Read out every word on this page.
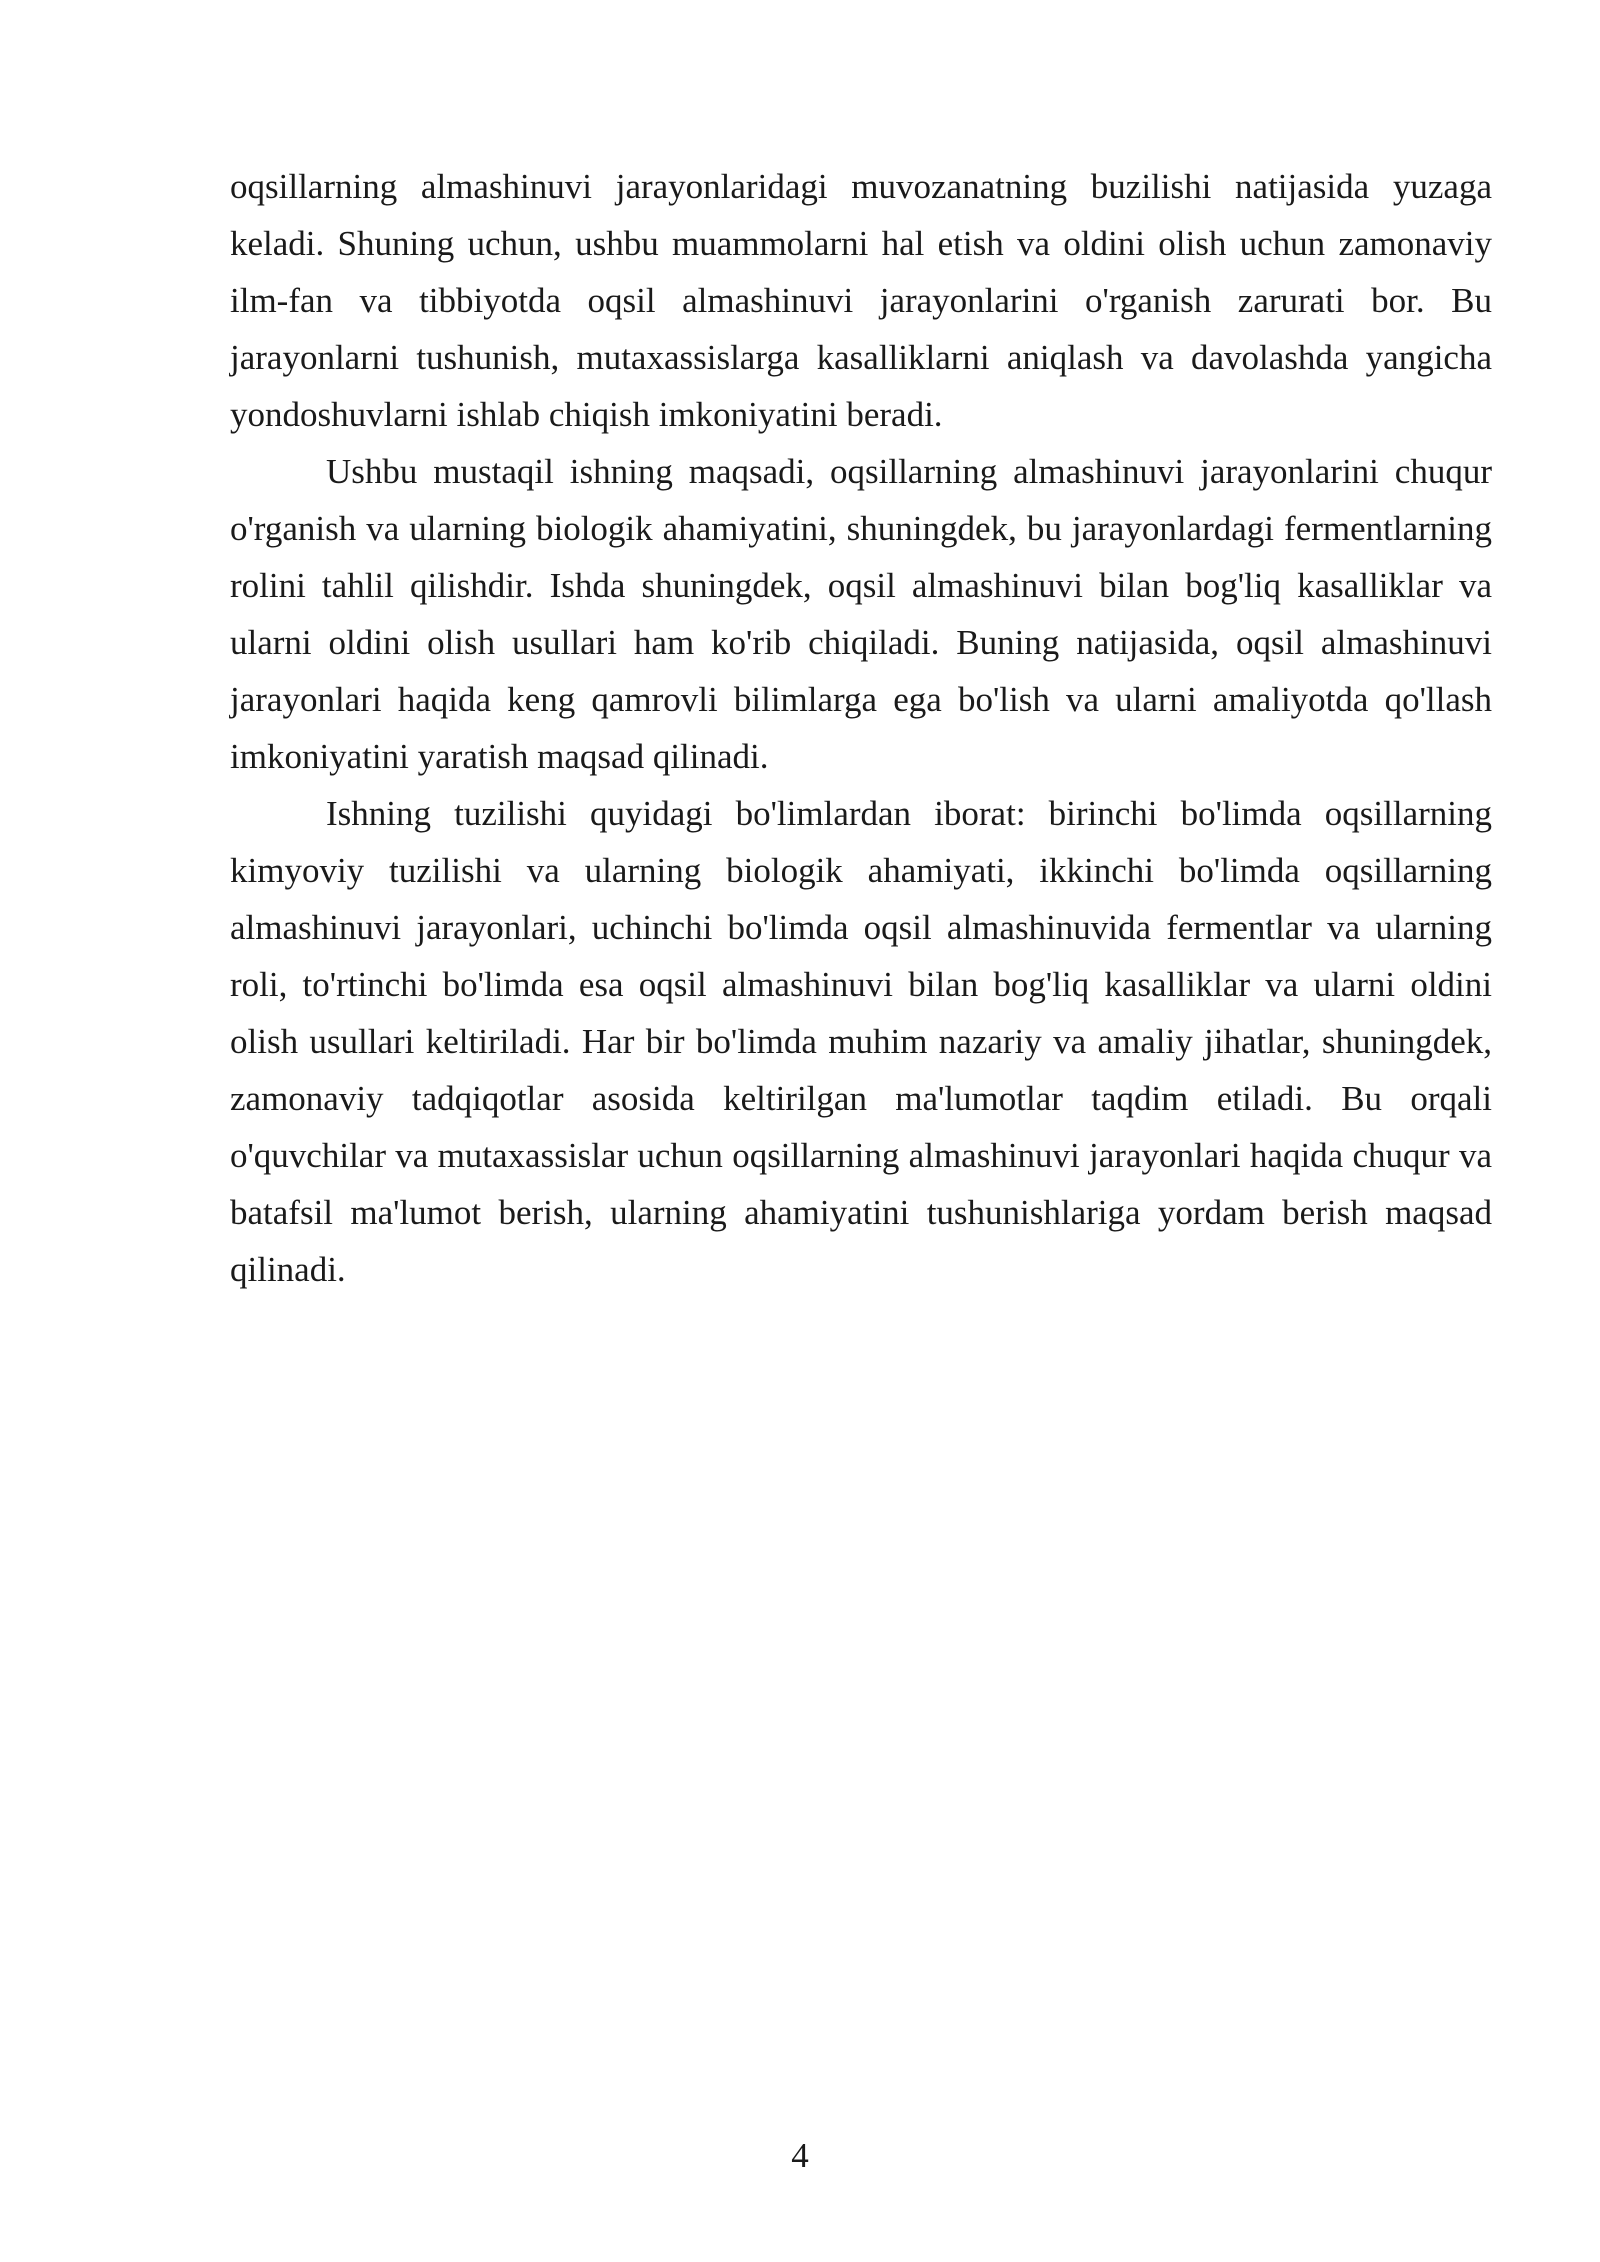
oqsillarning almashinuvi jarayonlaridagi muvozanatning buzilishi natijasida yuzaga keladi. Shuning uchun, ushbu muammolarni hal etish va oldini olish uchun zamonaviy ilm-fan va tibbiyotda oqsil almashinuvi jarayonlarini o'rganish zarurati bor. Bu jarayonlarni tushunish, mutaxassislarga kasalliklarni aniqlash va davolashda yangicha yondoshuvlarni ishlab chiqish imkoniyatini beradi.

Ushbu mustaqil ishning maqsadi, oqsillarning almashinuvi jarayonlarini chuqur o'rganish va ularning biologik ahamiyatini, shuningdek, bu jarayonlardagi fermentlarning rolini tahlil qilishdir. Ishda shuningdek, oqsil almashinuvi bilan bog'liq kasalliklar va ularni oldini olish usullari ham ko'rib chiqiladi. Buning natijasida, oqsil almashinuvi jarayonlari haqida keng qamrovli bilimlarga ega bo'lish va ularni amaliyotda qo'llash imkoniyatini yaratish maqsad qilinadi.

Ishning tuzilishi quyidagi bo'limlardan iborat: birinchi bo'limda oqsillarning kimyoviy tuzilishi va ularning biologik ahamiyati, ikkinchi bo'limda oqsillarning almashinuvi jarayonlari, uchinchi bo'limda oqsil almashinuvida fermentlar va ularning roli, to'rtinchi bo'limda esa oqsil almashinuvi bilan bog'liq kasalliklar va ularni oldini olish usullari keltiriladi. Har bir bo'limda muhim nazariy va amaliy jihatlar, shuningdek, zamonaviy tadqiqotlar asosida keltirilgan ma'lumotlar taqdim etiladi. Bu orqali o'quvchilar va mutaxassislar uchun oqsillarning almashinuvi jarayonlari haqida chuqur va batafsil ma'lumot berish, ularning ahamiyatini tushunishlariga yordam berish maqsad qilinadi.

4
